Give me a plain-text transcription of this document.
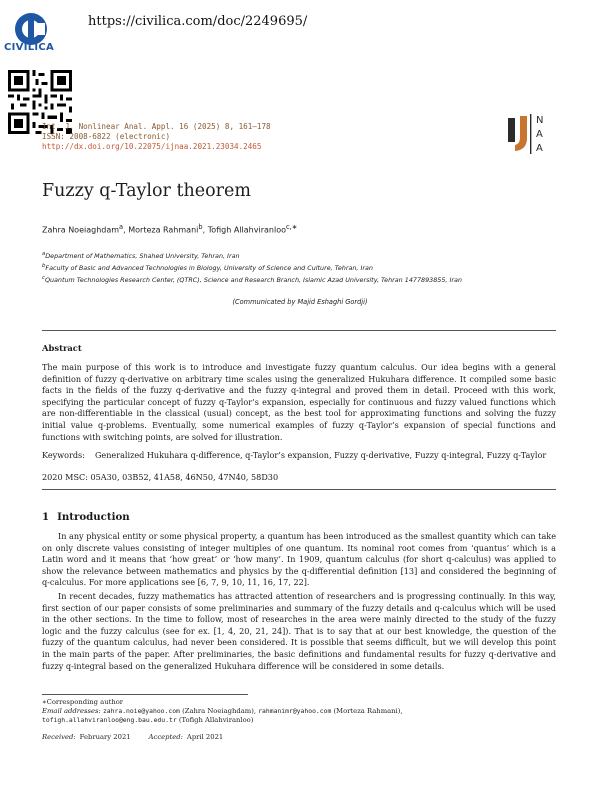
CIVILICA
https://civilica.com/doc/2249695/
Int. J. Nonlinear Anal. Appl. 16 (2025) 8, 161–178
ISSN: 2008-6822 (electronic)
http://dx.doi.org/10.22075/ijnaa.2021.23034.2465
N
A
A
Fuzzy q-Taylor theorem
Zahra Noeiaghdam$^a$, Morteza Rahmani$^b$, Tofigh Allahviranloo$^{c,∗}$
$^a$Department of Mathematics, Shahed University, Tehran, Iran
$^b$Faculty of Basic and Advanced Technologies in Biology, University of Science and Culture, Tehran, Iran
$^c$Quantum Technologies Research Center, (QTRC), Science and Research Branch, Islamic Azad University, Tehran 1477893855, Iran
(Communicated by Majid Eshaghi Gordji)
Abstract
The main purpose of this work is to introduce and investigate fuzzy quantum calculus. Our idea begins with a general definition of fuzzy q-derivative on arbitrary time scales using the generalized Hukuhara difference. It compiled some basic facts in the fields of the fuzzy q-derivative and the fuzzy q-integral and proved them in detail. Proceed with this work, specifying the particular concept of fuzzy q-Taylor’s expansion, especially for continuous and fuzzy valued functions which are non-differentiable in the classical (usual) concept, as the best tool for approximating functions and solving the fuzzy initial value q-problems. Eventually, some numerical examples of fuzzy q-Taylor’s expansion of special functions and functions with switching points, are solved for illustration.
Keywords: Generalized Hukuhara q-difference, q-Taylor’s expansion, Fuzzy q-derivative, Fuzzy q-integral, Fuzzy q-Taylor
2020 MSC: 05A30, 03B52, 41A58, 46N50, 47N40, 58D30
1 Introduction
In any physical entity or some physical property, a quantum has been introduced as the smallest quantity which can take on only discrete values consisting of integer multiples of one quantum. Its nominal root comes from ‘quantus’ which is a Latin word and it means that ‘how great’ or ‘how many’. In 1909, quantum calculus (for short q-calculus) was applied to show the relevance between mathematics and physics by the q-differential definition [13] and considered the beginning of q-calculus. For more applications see [6, 7, 9, 10, 11, 16, 17, 22].
In recent decades, fuzzy mathematics has attracted attention of researchers and is progressing continually. In this way, first section of our paper consists of some preliminaries and summary of the fuzzy details and q-calculus which will be used in the other sections. In the time to follow, most of researches in the area were mainly directed to the study of the fuzzy logic and the fuzzy calculus (see for ex. [1, 4, 20, 21, 24]). That is to say that at our best knowledge, the question of the fuzzy of the quantum calculus, had never been considered. It is possible that seems difficult, but we will develop this point in the main parts of the paper. After preliminaries, the basic definitions and fundamental results for fuzzy q-derivative and fuzzy q-integral based on the generalized Hukuhara difference will be considered in some details.
∗Corresponding author
Email addresses: zahra.noie@yahoo.com (Zahra Noeiaghdam), rahmanimr@yahoo.com (Morteza Rahmani),
tofigh.allahviranloo@eng.bau.edu.tr (Tofigh Allahviranloo)
Received: February 2021	Accepted: April 2021
